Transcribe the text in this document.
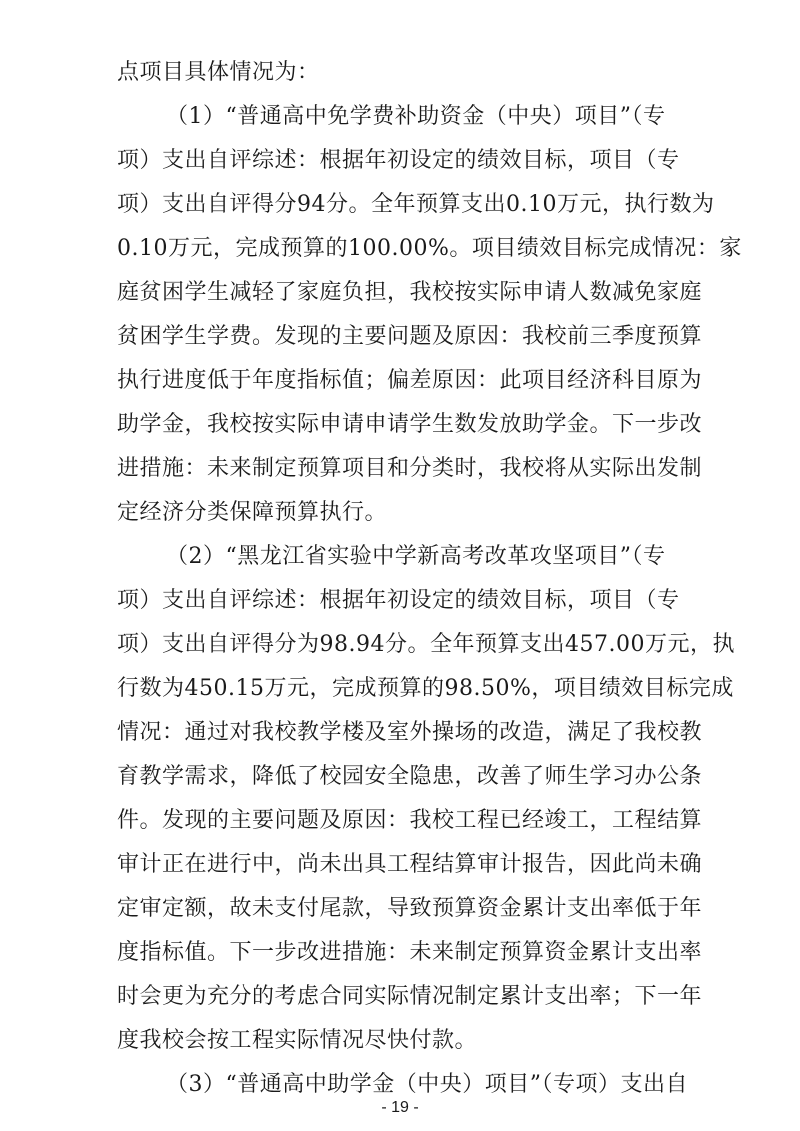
点项目具体情况为：
（1）“普通高中免学费补助资金（中央）项目”（专
项）支出自评综述：根据年初设定的绩效目标，项目（专
项）支出自评得分94分。全年预算支出0.10万元，执行数为
0.10万元，完成预算的100.00%。项目绩效目标完成情况：家
庭贫困学生减轻了家庭负担，我校按实际申请人数减免家庭
贫困学生学费。发现的主要问题及原因：我校前三季度预算
执行进度低于年度指标值；偏差原因：此项目经济科目原为
助学金，我校按实际申请申请学生数发放助学金。下一步改
进措施：未来制定预算项目和分类时，我校将从实际出发制
定经济分类保障预算执行。
（2）“黑龙江省实验中学新高考改革攻坚项目”（专
项）支出自评综述：根据年初设定的绩效目标，项目（专
项）支出自评得分为98.94分。全年预算支出457.00万元，执
行数为450.15万元，完成预算的98.50%，项目绩效目标完成
情况：通过对我校教学楼及室外操场的改造，满足了我校教
育教学需求，降低了校园安全隐患，改善了师生学习办公条
件。发现的主要问题及原因：我校工程已经竣工，工程结算
审计正在进行中，尚未出具工程结算审计报告，因此尚未确
定审定额，故未支付尾款，导致预算资金累计支出率低于年
度指标值。下一步改进措施：未来制定预算资金累计支出率
时会更为充分的考虑合同实际情况制定累计支出率；下一年
度我校会按工程实际情况尽快付款。
（3）“普通高中助学金（中央）项目”（专项）支出自
- 19 -
